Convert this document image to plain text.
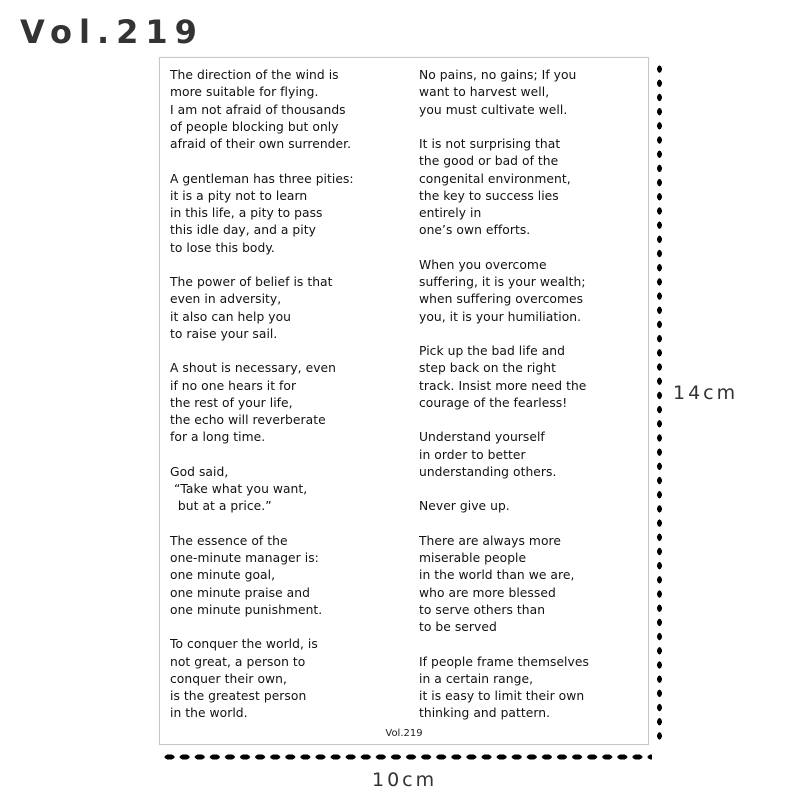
Vol.219
The direction of the wind is
more suitable for flying.
I am not afraid of thousands
of people blocking but only
afraid of their own surrender.
A gentleman has three pities:
it is a pity not to learn
in this life, a pity to pass
this idle day, and a pity
to lose this body.
The power of belief is that
even in adversity,
it also can help you
to raise your sail.
A shout is necessary, even
if no one hears it for
the rest of your life,
the echo will reverberate
for a long time.
God said,
“Take what you want,
but at a price.”
The essence of the
one-minute manager is:
one minute goal,
one minute praise and
one minute punishment.
To conquer the world, is
not great, a person to
conquer their own,
is the greatest person
in the world.
No pains, no gains; If you
want to harvest well,
you must cultivate well.
It is not surprising that
the good or bad of the
congenital environment,
the key to success lies
entirely in
one’s own efforts.
When you overcome
suffering, it is your wealth;
when suffering overcomes
you, it is your humiliation.
Pick up the bad life and
step back on the right
track. Insist more need the
courage of the fearless!
Understand yourself
in order to better
understanding others.
Never give up.
There are always more
miserable people
in the world than we are,
who are more blessed
to serve others than
to be served
If people frame themselves
in a certain range,
it is easy to limit their own
thinking and pattern.
Vol.219
14cm
10cm
